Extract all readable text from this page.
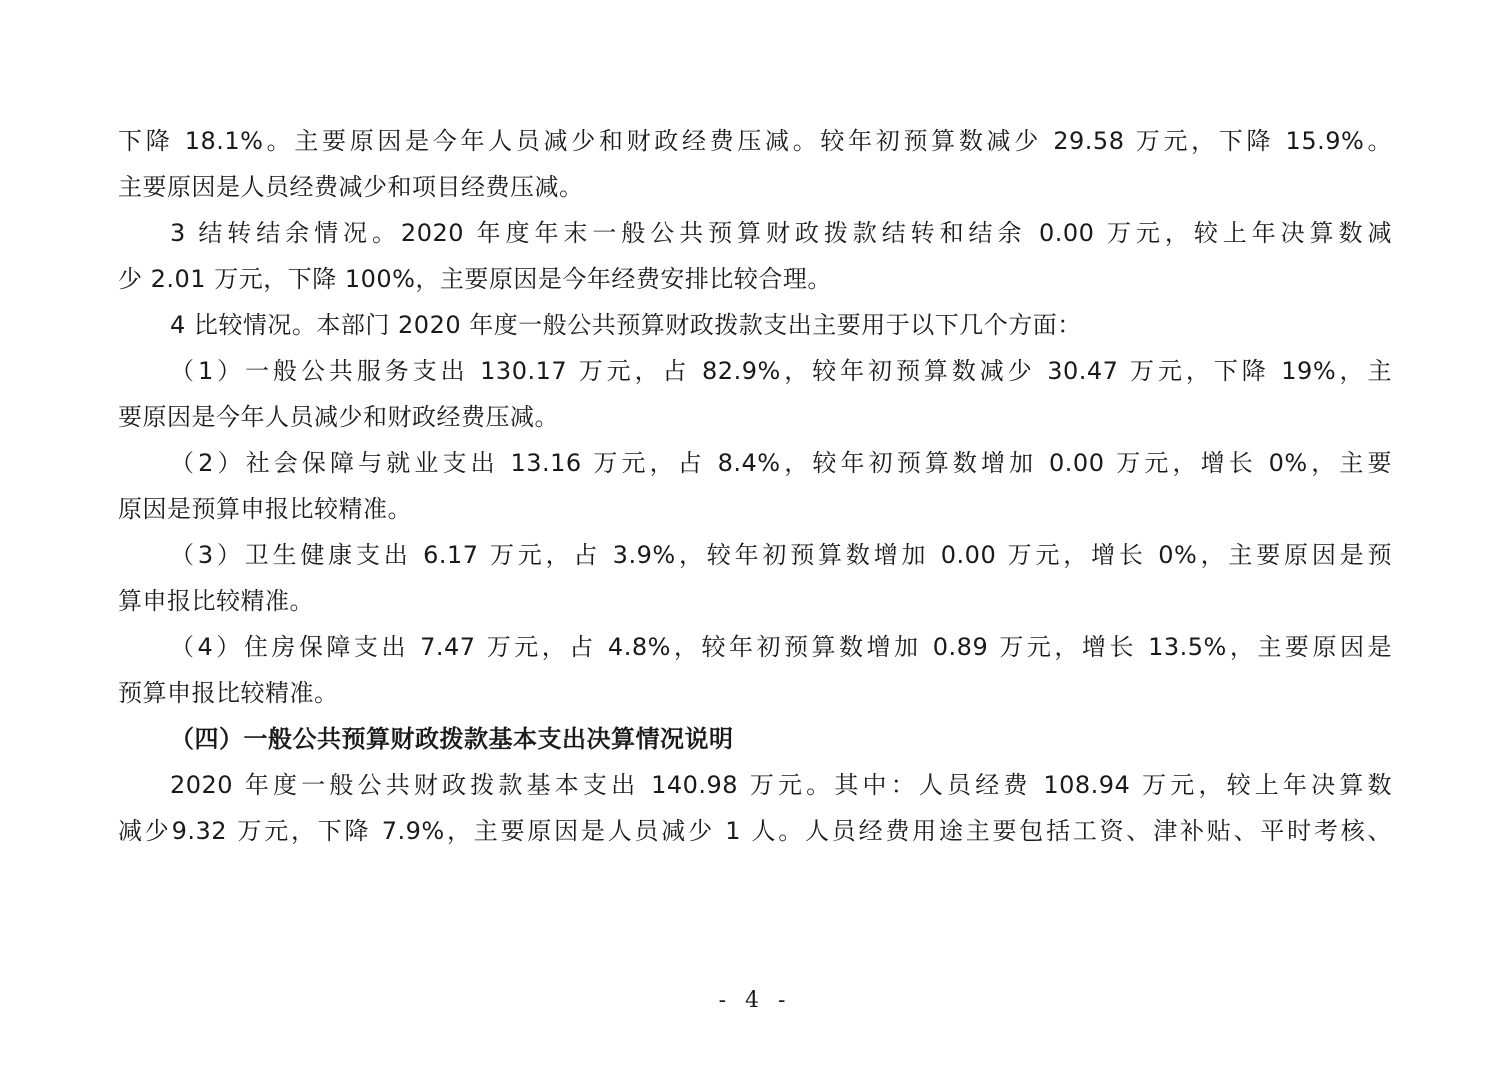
下降 18.1%。主要原因是今年人员减少和财政经费压减。较年初预算数减少 29.58 万元，下降 15.9%。
主要原因是人员经费减少和项目经费压减。
3 结转结余情况。2020 年度年末一般公共预算财政拨款结转和结余 0.00 万元，较上年决算数减
少 2.01 万元，下降 100%，主要原因是今年经费安排比较合理。
4 比较情况。本部门 2020 年度一般公共预算财政拨款支出主要用于以下几个方面：
（1）一般公共服务支出 130.17 万元，占 82.9%，较年初预算数减少 30.47 万元，下降 19%，主
要原因是今年人员减少和财政经费压减。
（2）社会保障与就业支出 13.16 万元，占 8.4%，较年初预算数增加 0.00 万元，增长 0%，主要
原因是预算申报比较精准。
（3）卫生健康支出 6.17 万元，占 3.9%，较年初预算数增加 0.00 万元，增长 0%，主要原因是预
算申报比较精准。
（4）住房保障支出 7.47 万元，占 4.8%，较年初预算数增加 0.89 万元，增长 13.5%，主要原因是
预算申报比较精准。
（四）一般公共预算财政拨款基本支出决算情况说明
2020 年度一般公共财政拨款基本支出 140.98 万元。其中：人员经费 108.94 万元，较上年决算数
减少9.32 万元，下降 7.9%，主要原因是人员减少 1 人。人员经费用途主要包括工资、津补贴、平时考核、
- 4 -
